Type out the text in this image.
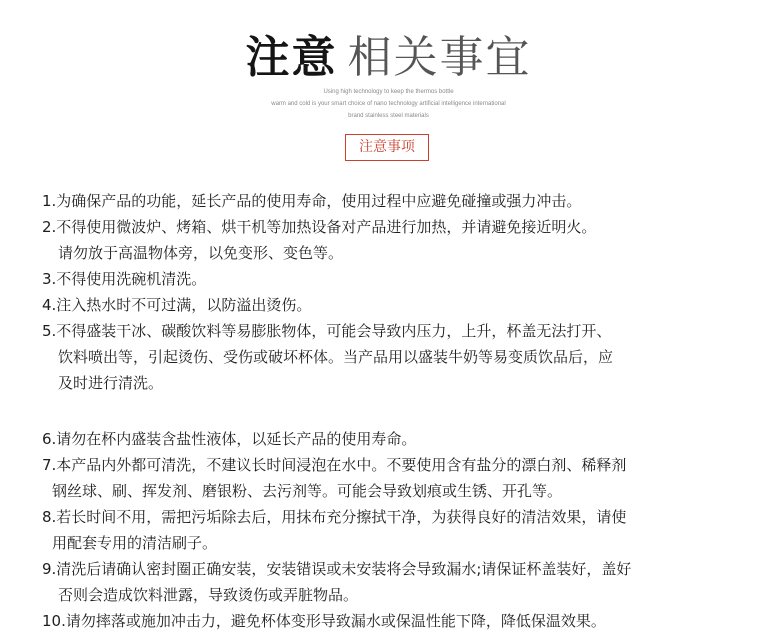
注意 相关事宜
Using high technology to keep the thermos bottle
warm and cold is your smart choice of nano technology artificial intelligence international
brand stainless steel materials
注意事项
1.为确保产品的功能，延长产品的使用寿命，使用过程中应避免碰撞或强力冲击。
2.不得使用微波炉、烤箱、烘干机等加热设备对产品进行加热，并请避免接近明火。
请勿放于高温物体旁，以免变形、变色等。
3.不得使用洗碗机清洗。
4.注入热水时不可过满，以防溢出烫伤。
5.不得盛装干冰、碳酸饮料等易膨胀物体，可能会导致内压力，上升，杯盖无法打开、
饮料喷出等，引起烫伤、受伤或破坏杯体。当产品用以盛装牛奶等易变质饮品后，应
及时进行清洗。
6.请勿在杯内盛装含盐性液体，以延长产品的使用寿命。
7.本产品内外都可清洗，不建议长时间浸泡在水中。不要使用含有盐分的漂白剂、稀释剂
钢丝球、刷、挥发剂、磨银粉、去污剂等。可能会导致划痕或生锈、开孔等。
8.若长时间不用，需把污垢除去后，用抹布充分擦拭干净，为获得良好的清洁效果，请使
用配套专用的清洁刷子。
9.清洗后请确认密封圈正确安装，安装错误或未安装将会导致漏水;请保证杯盖装好，盖好
否则会造成饮料泄露，导致烫伤或弄脏物品。
10.请勿摔落或施加冲击力，避免杯体变形导致漏水或保温性能下降，降低保温效果。
